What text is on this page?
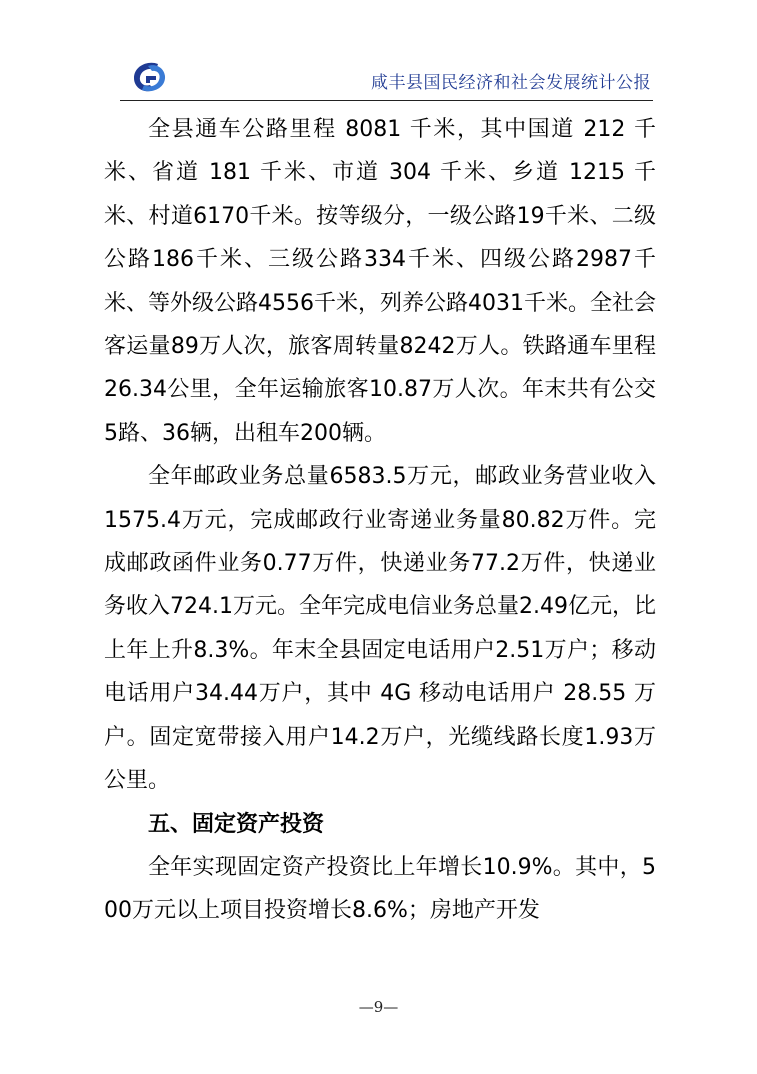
咸丰县国民经济和社会发展统计公报

全县通车公路里程 8081 千米，其中国道 212 千米、省道 181 千米、市道 304 千米、乡道 1215 千米、村道6170千米。按等级分，一级公路19千米、二级公路186千米、三级公路334千米、四级公路2987千米、等外级公路4556千米，列养公路4031千米。全社会客运量89万人次，旅客周转量8242万人。铁路通车里程26.34公里，全年运输旅客10.87万人次。年末共有公交5路、36辆，出租车200辆。

全年邮政业务总量6583.5万元，邮政业务营业收入1575.4万元，完成邮政行业寄递业务量80.82万件。完成邮政函件业务0.77万件，快递业务77.2万件，快递业务收入724.1万元。全年完成电信业务总量2.49亿元，比上年上升8.3%。年末全县固定电话用户2.51万户；移动电话用户34.44万户，其中 4G 移动电话用户 28.55 万户。固定宽带接入用户14.2万户，光缆线路长度1.93万公里。

五、固定资产投资

全年实现固定资产投资比上年增长10.9%。其中，500万元以上项目投资增长8.6%；房地产开发

—9—
